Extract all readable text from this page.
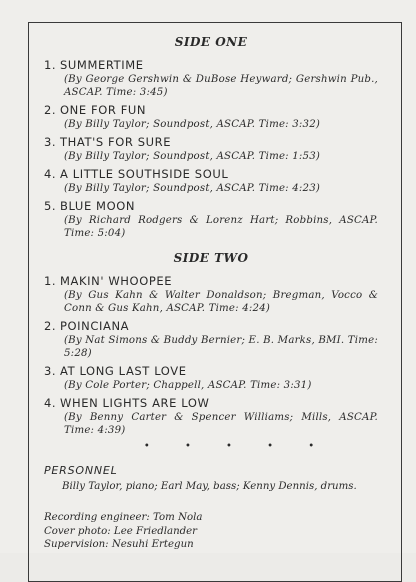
SIDE ONE
1. SUMMERTIME
(By George Gershwin & DuBose Heyward; Gershwin Pub., ASCAP. Time: 3:45)
2. ONE FOR FUN
(By Billy Taylor; Soundpost, ASCAP. Time: 3:32)
3. THAT'S FOR SURE
(By Billy Taylor; Soundpost, ASCAP. Time: 1:53)
4. A LITTLE SOUTHSIDE SOUL
(By Billy Taylor; Soundpost, ASCAP. Time: 4:23)
5. BLUE MOON
(By Richard Rodgers & Lorenz Hart; Robbins, ASCAP. Time: 5:04)
SIDE TWO
1. MAKIN' WHOOPEE
(By Gus Kahn & Walter Donaldson; Bregman, Vocco & Conn & Gus Kahn, ASCAP. Time: 4:24)
2. POINCIANA
(By Nat Simons & Buddy Bernier; E. B. Marks, BMI. Time: 5:28)
3. AT LONG LAST LOVE
(By Cole Porter; Chappell, ASCAP. Time: 3:31)
4. WHEN LIGHTS ARE LOW
(By Benny Carter & Spencer Williams; Mills, ASCAP. Time: 4:39)
• • • • •
PERSONNEL
Billy Taylor, piano; Earl May, bass; Kenny Dennis, drums.
Recording engineer: Tom Nola
Cover photo: Lee Friedlander
Supervision: Nesuhi Ertegun
